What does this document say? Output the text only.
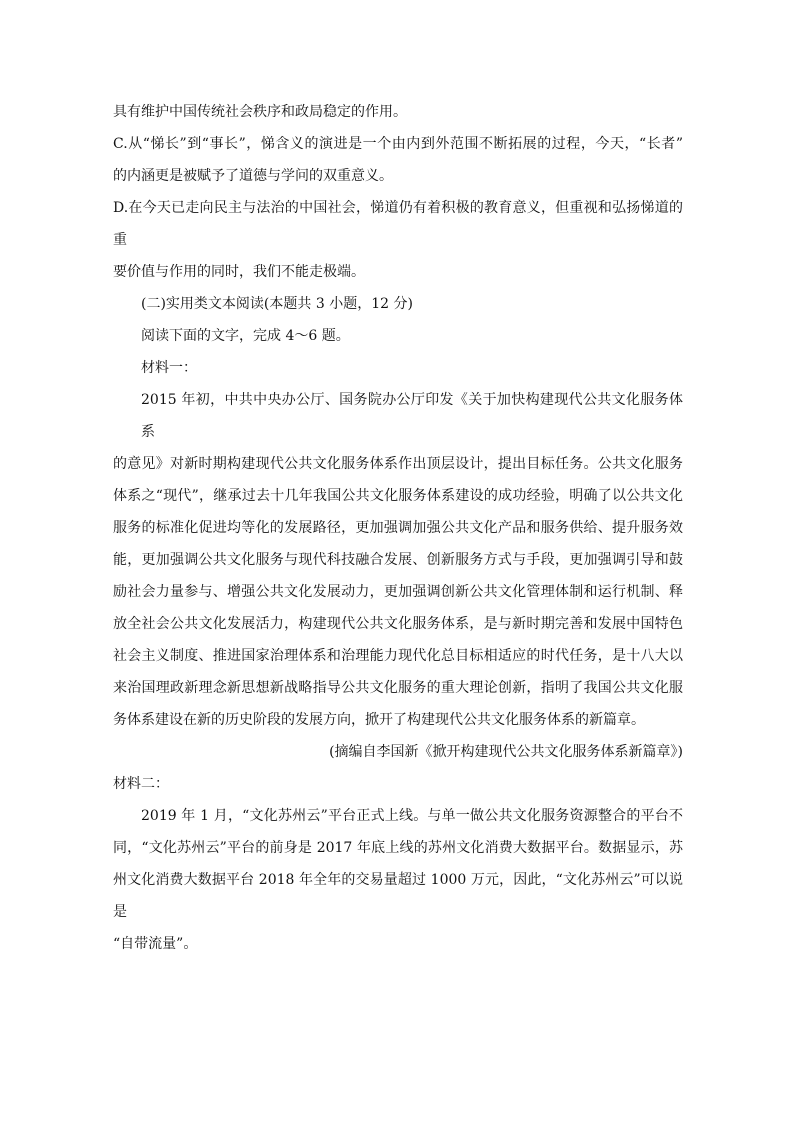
具有维护中国传统社会秩序和政局稳定的作用。
C.从“悌长”到“事长”，悌含义的演进是一个由内到外范围不断拓展的过程，今天，“长者”
的内涵更是被赋予了道德与学问的双重意义。
D.在今天已走向民主与法治的中国社会，悌道仍有着积极的教育意义，但重视和弘扬悌道的重
要价值与作用的同时，我们不能走极端。
(二)实用类文本阅读(本题共 3 小题，12 分)
阅读下面的文字，完成 4～6 题。
材料一：
2015 年初，中共中央办公厅、国务院办公厅印发《关于加快构建现代公共文化服务体系
的意见》对新时期构建现代公共文化服务体系作出顶层设计，提出目标任务。公共文化服务
体系之“现代”，继承过去十几年我国公共文化服务体系建设的成功经验，明确了以公共文化
服务的标准化促进均等化的发展路径，更加强调加强公共文化产品和服务供给、提升服务效
能，更加强调公共文化服务与现代科技融合发展、创新服务方式与手段，更加强调引导和鼓
励社会力量参与、增强公共文化发展动力，更加强调创新公共文化管理体制和运行机制、释
放全社会公共文化发展活力，构建现代公共文化服务体系，是与新时期完善和发展中国特色
社会主义制度、推进国家治理体系和治理能力现代化总目标相适应的时代任务，是十八大以
来治国理政新理念新思想新战略指导公共文化服务的重大理论创新，指明了我国公共文化服
务体系建设在新的历史阶段的发展方向，掀开了构建现代公共文化服务体系的新篇章。
(摘编自李国新《掀开构建现代公共文化服务体系新篇章》)
材料二：
2019 年 1 月，“文化苏州云”平台正式上线。与单一做公共文化服务资源整合的平台不
同，“文化苏州云”平台的前身是 2017 年底上线的苏州文化消费大数据平台。数据显示，苏
州文化消费大数据平台 2018 年全年的交易量超过 1000 万元，因此，“文化苏州云”可以说是
“自带流量”。
